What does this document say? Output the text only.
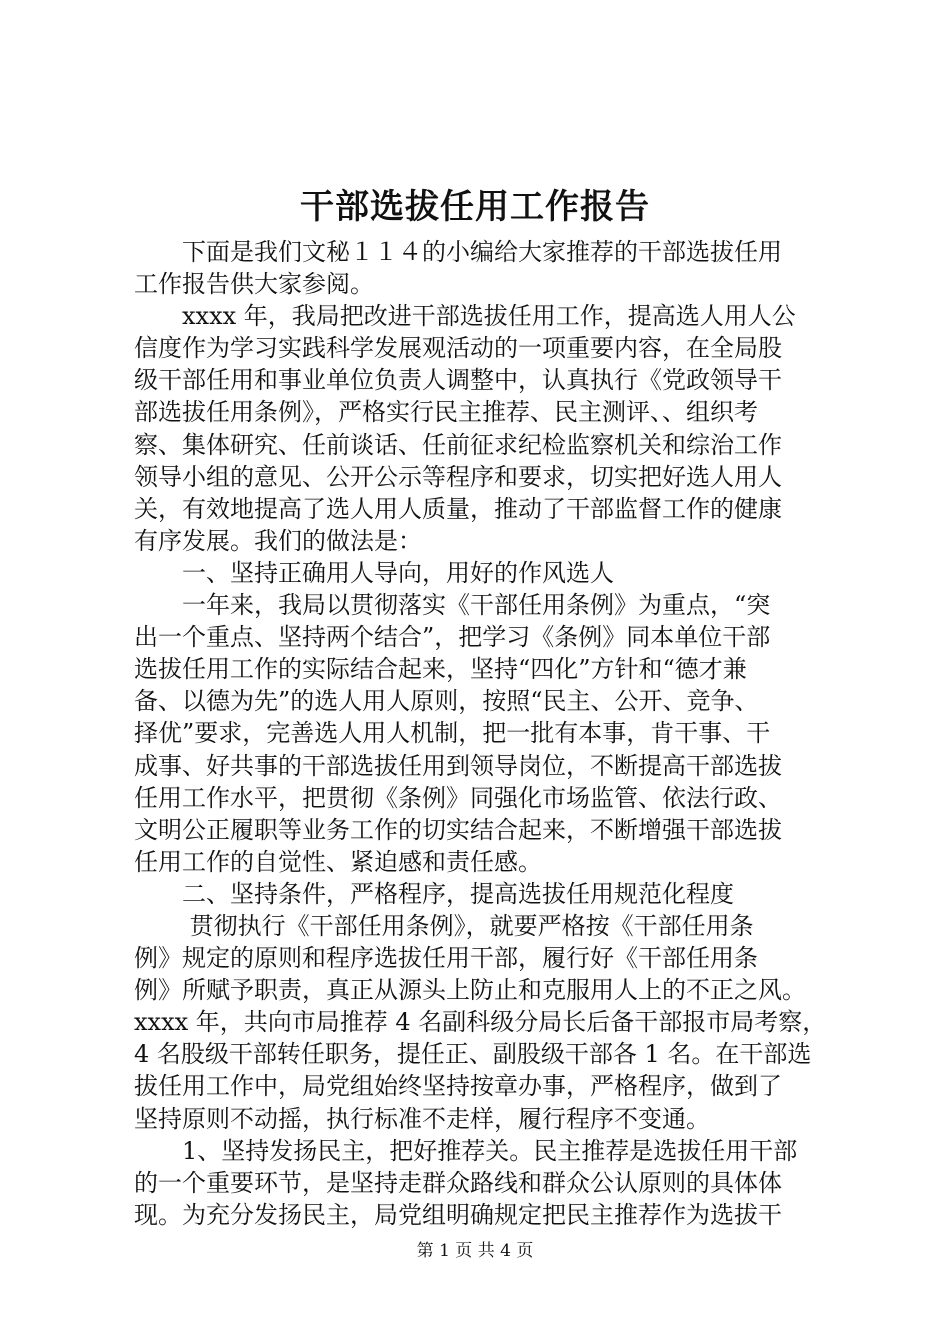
干部选拔任用工作报告
　　下面是我们文秘１１４的小编给大家推荐的干部选拔任用
工作报告供大家参阅。
　　xxxx 年，我局把改进干部选拔任用工作，提高选人用人公
信度作为学习实践科学发展观活动的一项重要内容，在全局股
级干部任用和事业单位负责人调整中，认真执行《党政领导干
部选拔任用条例》，严格实行民主推荐、民主测评、、组织考
察、集体研究、任前谈话、任前征求纪检监察机关和综治工作
领导小组的意见、公开公示等程序和要求，切实把好选人用人
关，有效地提高了选人用人质量，推动了干部监督工作的健康
有序发展。我们的做法是：
　　一、坚持正确用人导向，用好的作风选人
　　一年来，我局以贯彻落实《干部任用条例》为重点，“突
出一个重点、坚持两个结合”，把学习《条例》同本单位干部
选拔任用工作的实际结合起来，坚持“四化”方针和“德才兼
备、以德为先”的选人用人原则，按照“民主、公开、竞争、
择优”要求，完善选人用人机制，把一批有本事，肯干事、干
成事、好共事的干部选拔任用到领导岗位，不断提高干部选拔
任用工作水平，把贯彻《条例》同强化市场监管、依法行政、
文明公正履职等业务工作的切实结合起来，不断增强干部选拔
任用工作的自觉性、紧迫感和责任感。
　　二、坚持条件，严格程序，提高选拔任用规范化程度
　　 贯彻执行《干部任用条例》，就要严格按《干部任用条
例》规定的原则和程序选拔任用干部，履行好《干部任用条
例》所赋予职责，真正从源头上防止和克服用人上的不正之风。
xxxx 年，共向市局推荐 4 名副科级分局长后备干部报市局考察，
4 名股级干部转任职务，提任正、副股级干部各 1 名。在干部选
拔任用工作中，局党组始终坚持按章办事，严格程序，做到了
坚持原则不动摇，执行标准不走样，履行程序不变通。
　　1、坚持发扬民主，把好推荐关。民主推荐是选拔任用干部
的一个重要环节，是坚持走群众路线和群众公认原则的具体体
现。为充分发扬民主，局党组明确规定把民主推荐作为选拔干
第 1 页 共 4 页
